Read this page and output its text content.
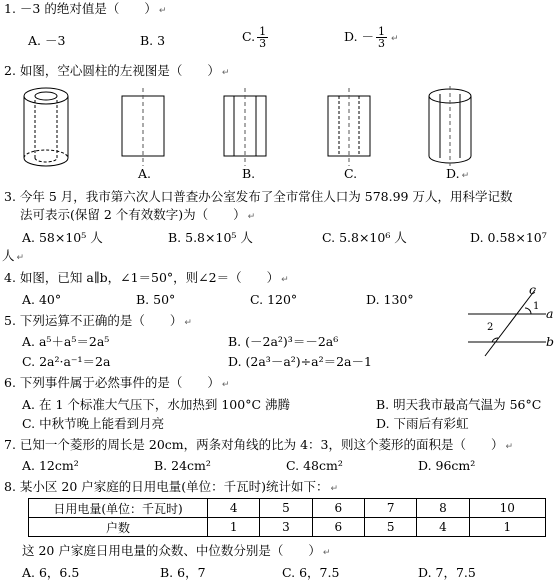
1. －3 的绝对值是（　　） ↵
A. －3	B. 3	C. $\frac{1}{3}$	D. － $\frac{1}{3}$ ↵
2. 如图，空心圆柱的左视图是（　　） ↵
A.	B.	C.	D. ↵
3. 今年 5 月，我市第六次人口普查办公室发布了全市常住人口为 578.99 万人，用科学记数
法可表示(保留 2 个有效数字)为（　　） ↵
A. 58×10⁵ 人	B. 5.8×10⁵ 人	C. 5.8×10⁶ 人	D. 0.58×10⁷
人 ↵
4. 如图，已知 a∥b，∠1＝50°，则∠2＝（　　） ↵
A. 40°	B. 50°	C. 120°	D. 130°
c
a
b
1
2
5. 下列运算不正确的是（　　） ↵
A. a⁵＋a⁵＝2a⁵	B. (－2a²)³＝－2a⁶
C. 2a²·a⁻¹＝2a	D. (2a³－a²)÷a²＝2a－1
6. 下列事件属于必然事件的是（　　） ↵
A. 在 1 个标准大气压下，水加热到 100°C 沸腾	B. 明天我市最高气温为 56°C
C. 中秋节晚上能看到月亮	D. 下雨后有彩虹
7. 已知一个菱形的周长是 20cm，两条对角线的比为 4：3，则这个菱形的面积是（　　） ↵
A. 12cm²	B. 24cm²	C. 48cm²	D. 96cm²
8. 某小区 20 户家庭的日用电量(单位：千瓦时)统计如下： ↵
日用电量(单位：千瓦时)	4	5	6	7	8	10
户数	1	3	6	5	4	1
这 20 户家庭日用电量的众数、中位数分别是（　　） ↵
A. 6，6.5	B. 6，7	C. 6，7.5	D. 7，7.5
